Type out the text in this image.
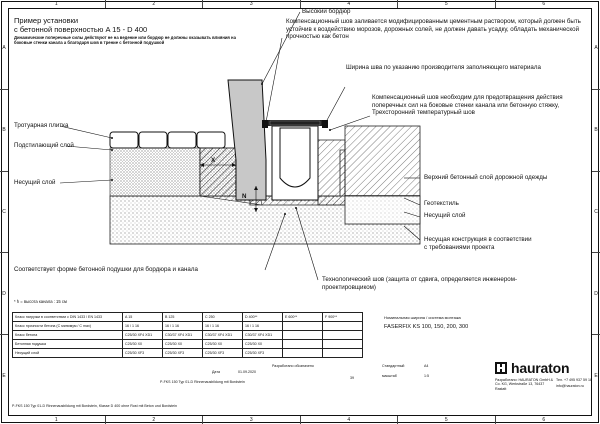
1	2	3	4	5	6
1	2	3	4	5	6
A
B
C
D
E
A
B
C
D
E
Пример установки
с бетонной поверхностью A 15 - D 400
Динамические поперечные силы действуют не на ведение или бордюр не должны оказывать влияния на боковые стенки канала а благодаря шов в трение с бетонной подушкой
X
N
Высокий бордюр
Компенсационный шов заливается модифицированным цементным раствором, который должен быть устойчив к воздействию морозов, дорожных солей, не должен давать усадку, обладать механической прочностью как бетон
Ширина шва по указанию производителя заполняющего материала
Компенсационный шов необходим для предотвращения действия поперечных сил на боковые стенки канала или бетонную стяжку, Трехсторонний температурный шов
Тротуарная плитка
Подстилающий слой
Несущий слой
Верхний бетонный слой дорожной одежды
Геотекстиль
Несущий слой
Несущая конструкция в соответствии с требованиями проекта
Соответствует форме бетонной подушки для бордюра и канала
Технологический шов (защита от сдвига, определяется инженером-проектировщиком)
* h = высота канала : 15 см
Класс нагрузки в соответствии с DIN 1433 / EN 1433	A 15	B 125	C 250	D 400**	E 600**	F 900**
Класс прочности бетона (С минимум / С max)	16 / 1 16	16 / 1 16	16 / 1 16	16 / 1 16		
Класс бетона	C25/30 XF4 XD1	C30/37 XF4 XD1	C30/37 XF4 XD1	C30/37 XF4 XD1		
Бетонная подушка	C25/30 X0	C25/30 X0	C25/30 X0	C25/30 X0		
Несущий слой	C25/30 XF3	C25/30 XF3	C25/30 XF3	C25/30 XF3		
Дата	01.09.2020
Разработано обозначено
39
P-FKS 150 Typ 01-D Rinnenausbildung mit Bordstein
Номинальная ширина / система монтажа
FASERFIX KS 100, 150, 200, 300
Стандартный	A4
масштаб	1:5	hauraton
Разработано: HAURATON GmbH & Co. KG, Werkstraße 13, 76437 Rastatt
Тел. +7 495 937 59 18
info@hauraton.ru
P-FKS 150 Typ 01-D Rinnenausbildung mit Bordstein, Klasse D 400 ohne Rost mit Beton und Bordstein
